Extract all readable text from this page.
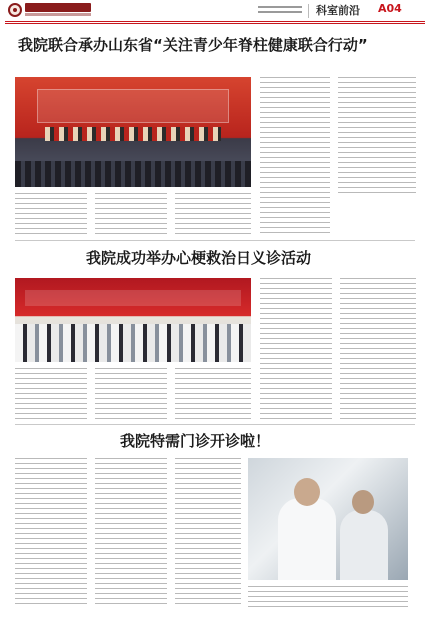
科室前沿 A04
我院联合承办山东省“关注青少年脊柱健康联合行动”
我院成功举办心梗救治日义诊活动
我院特需门诊开诊啦！
